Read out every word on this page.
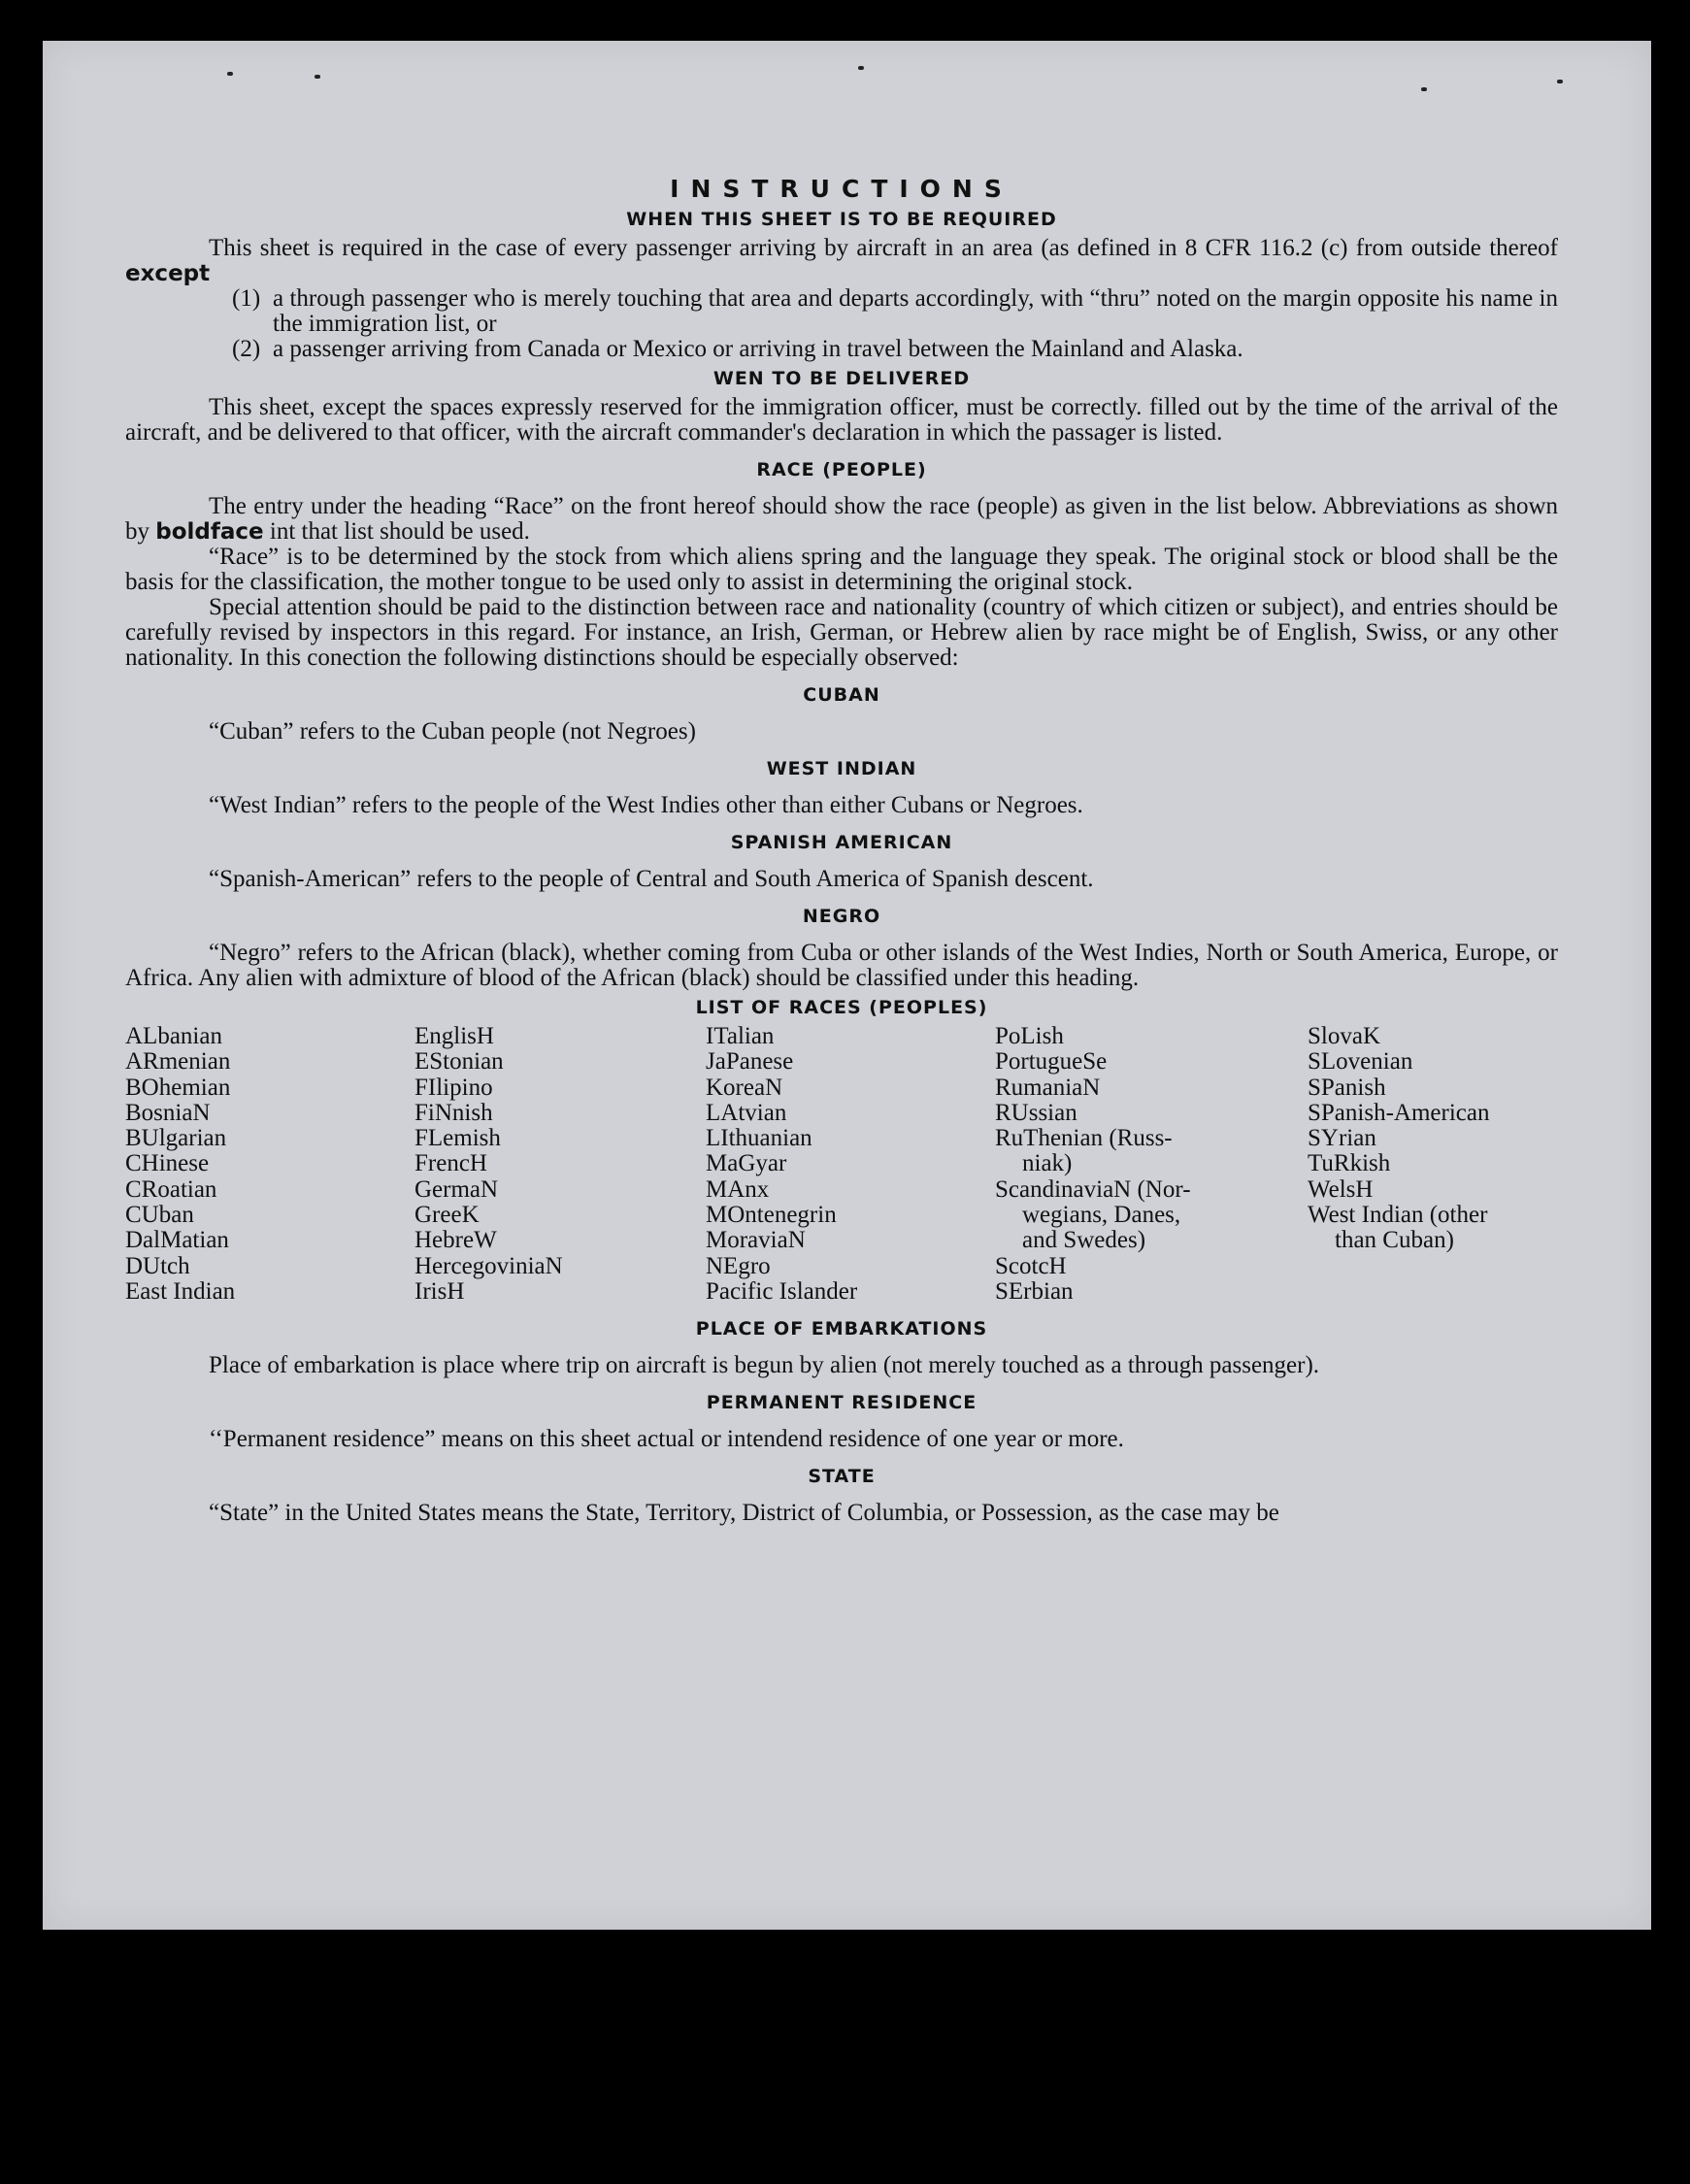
INSTRUCTIONS
WHEN THIS SHEET IS TO BE REQUIRED

This sheet is required in the case of every passenger arriving by aircraft in an area (as defined in 8 CFR 116.2 (c) from outside thereof except

(1) a through passenger who is merely touching that area and departs accordingly, with “thru” noted on the margin opposite his name in the immigration list, or
(2) a passenger arriving from Canada or Mexico or arriving in travel between the Mainland and Alaska.
WEN TO BE DELIVERED

This sheet, except the spaces expressly reserved for the immigration officer, must be correctly. filled out by the time of the arrival of the aircraft, and be delivered to that officer, with the aircraft commander's declaration in which the passager is listed.

RACE (PEOPLE)

The entry under the heading “Race” on the front hereof should show the race (people) as given in the list below. Abbreviations as shown by boldface int that list should be used.

“Race” is to be determined by the stock from which aliens spring and the language they speak. The original stock or blood shall be the basis for the classification, the mother tongue to be used only to assist in determining the original stock.

Special attention should be paid to the distinction between race and nationality (country of which citizen or subject), and entries should be carefully revised by inspectors in this regard. For instance, an Irish, German, or Hebrew alien by race might be of English, Swiss, or any other nationality. In this conection the following distinctions should be especially observed:

CUBAN

“Cuban” refers to the Cuban people (not Negroes)

WEST INDIAN

“West Indian” refers to the people of the West Indies other than either Cubans or Negroes.

SPANISH AMERICAN

“Spanish-American” refers to the people of Central and South America of Spanish descent.

NEGRO

“Negro” refers to the African (black), whether coming from Cuba or other islands of the West Indies, North or South America, Europe, or Africa. Any alien with admixture of blood of the African (black) should be classified under this heading.

LIST OF RACES (PEOPLES)
ALbanian
ARmenian
BOhemian
BosniaN
BUlgarian
CHinese
CRoatian
CUban
DalMatian
DUtch
East Indian
EnglisH
EStonian
FIlipino
FiNnish
FLemish
FrencH
GermaN
GreeK
HebreW
HercegoviniaN
IrisH
ITalian
JaPanese
KoreaN
LAtvian
LIthuanian
MaGyar
MAnx
MOntenegrin
MoraviaN
NEgro
Pacific Islander
PoLish
PortugueSe
RumaniaN
RUssian
RuThenian (Russ-
niak)
ScandinaviaN (Nor-
wegians, Danes,
and Swedes)
ScotcH
SErbian
SlovaK
SLovenian
SPanish
SPanish-American
SYrian
TuRkish
WelsH
West Indian (other
than Cuban)
PLACE OF EMBARKATIONS

Place of embarkation is place where trip on aircraft is begun by alien (not merely touched as a through passenger).

PERMANENT RESIDENCE

‘‘Permanent residence” means on this sheet actual or intendend residence of one year or more.

STATE

“State” in the United States means the State, Territory, District of Columbia, or Possession, as the case may be
